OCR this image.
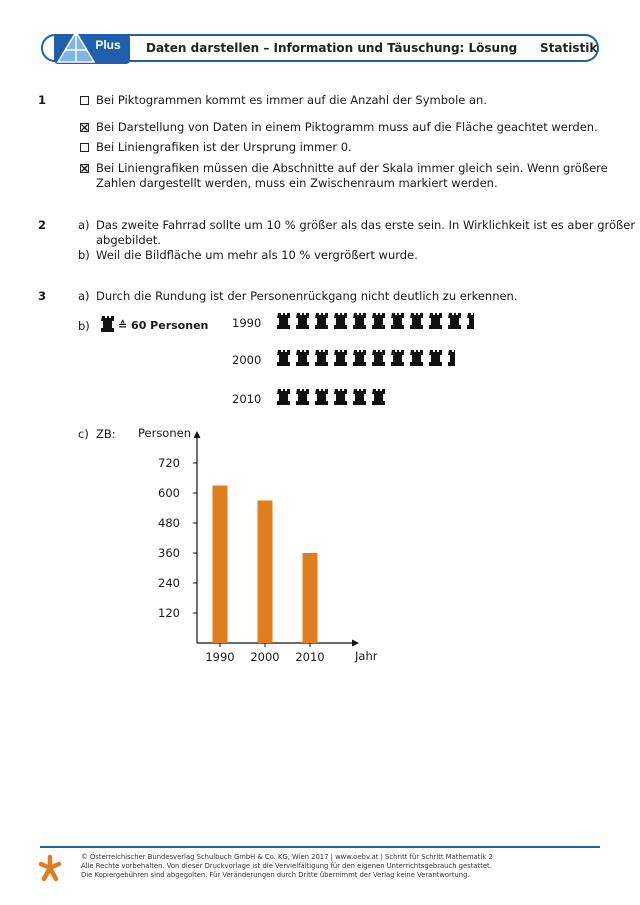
Plus Daten darstellen – Information und Täuschung: Lösung Statistik
1	Bei Piktogrammen kommt es immer auf die Anzahl der Symbole an.
Bei Darstellung von Daten in einem Piktogramm muss auf die Fläche geachtet werden.
Bei Liniengrafiken ist der Ursprung immer 0.
Bei Liniengrafiken müssen die Abschnitte auf der Skala immer gleich sein. Wenn größere
Zahlen dargestellt werden, muss ein Zwischenraum markiert werden.
2	a) Das zweite Fahrrad sollte um 10 % größer als das erste sein. In Wirklichkeit ist es aber größer
abgebildet.
b) Weil die Bildfläche um mehr als 10 % vergrößert wurde.
3	a) Durch die Rundung ist der Personenrückgang nicht deutlich zu erkennen.
b)	≙ 60 Personen 1990
2000
2010
c) ZB:
120
240
360
480
600
720
Personen
Jahr
1990 2000 2010
© Österreichischer Bundesverlag Schulbuch GmbH & Co. KG, Wien 2017 | www.oebv.at | Schritt für Schritt Mathematik 2
Alle Rechte vorbehalten. Von dieser Druckvorlage ist die Vervielfältigung für den eigenen Unterrichtsgebrauch gestattet.
Die Kopiergebühren sind abgegolten. Für Veränderungen durch Dritte übernimmt der Verlag keine Verantwortung.
